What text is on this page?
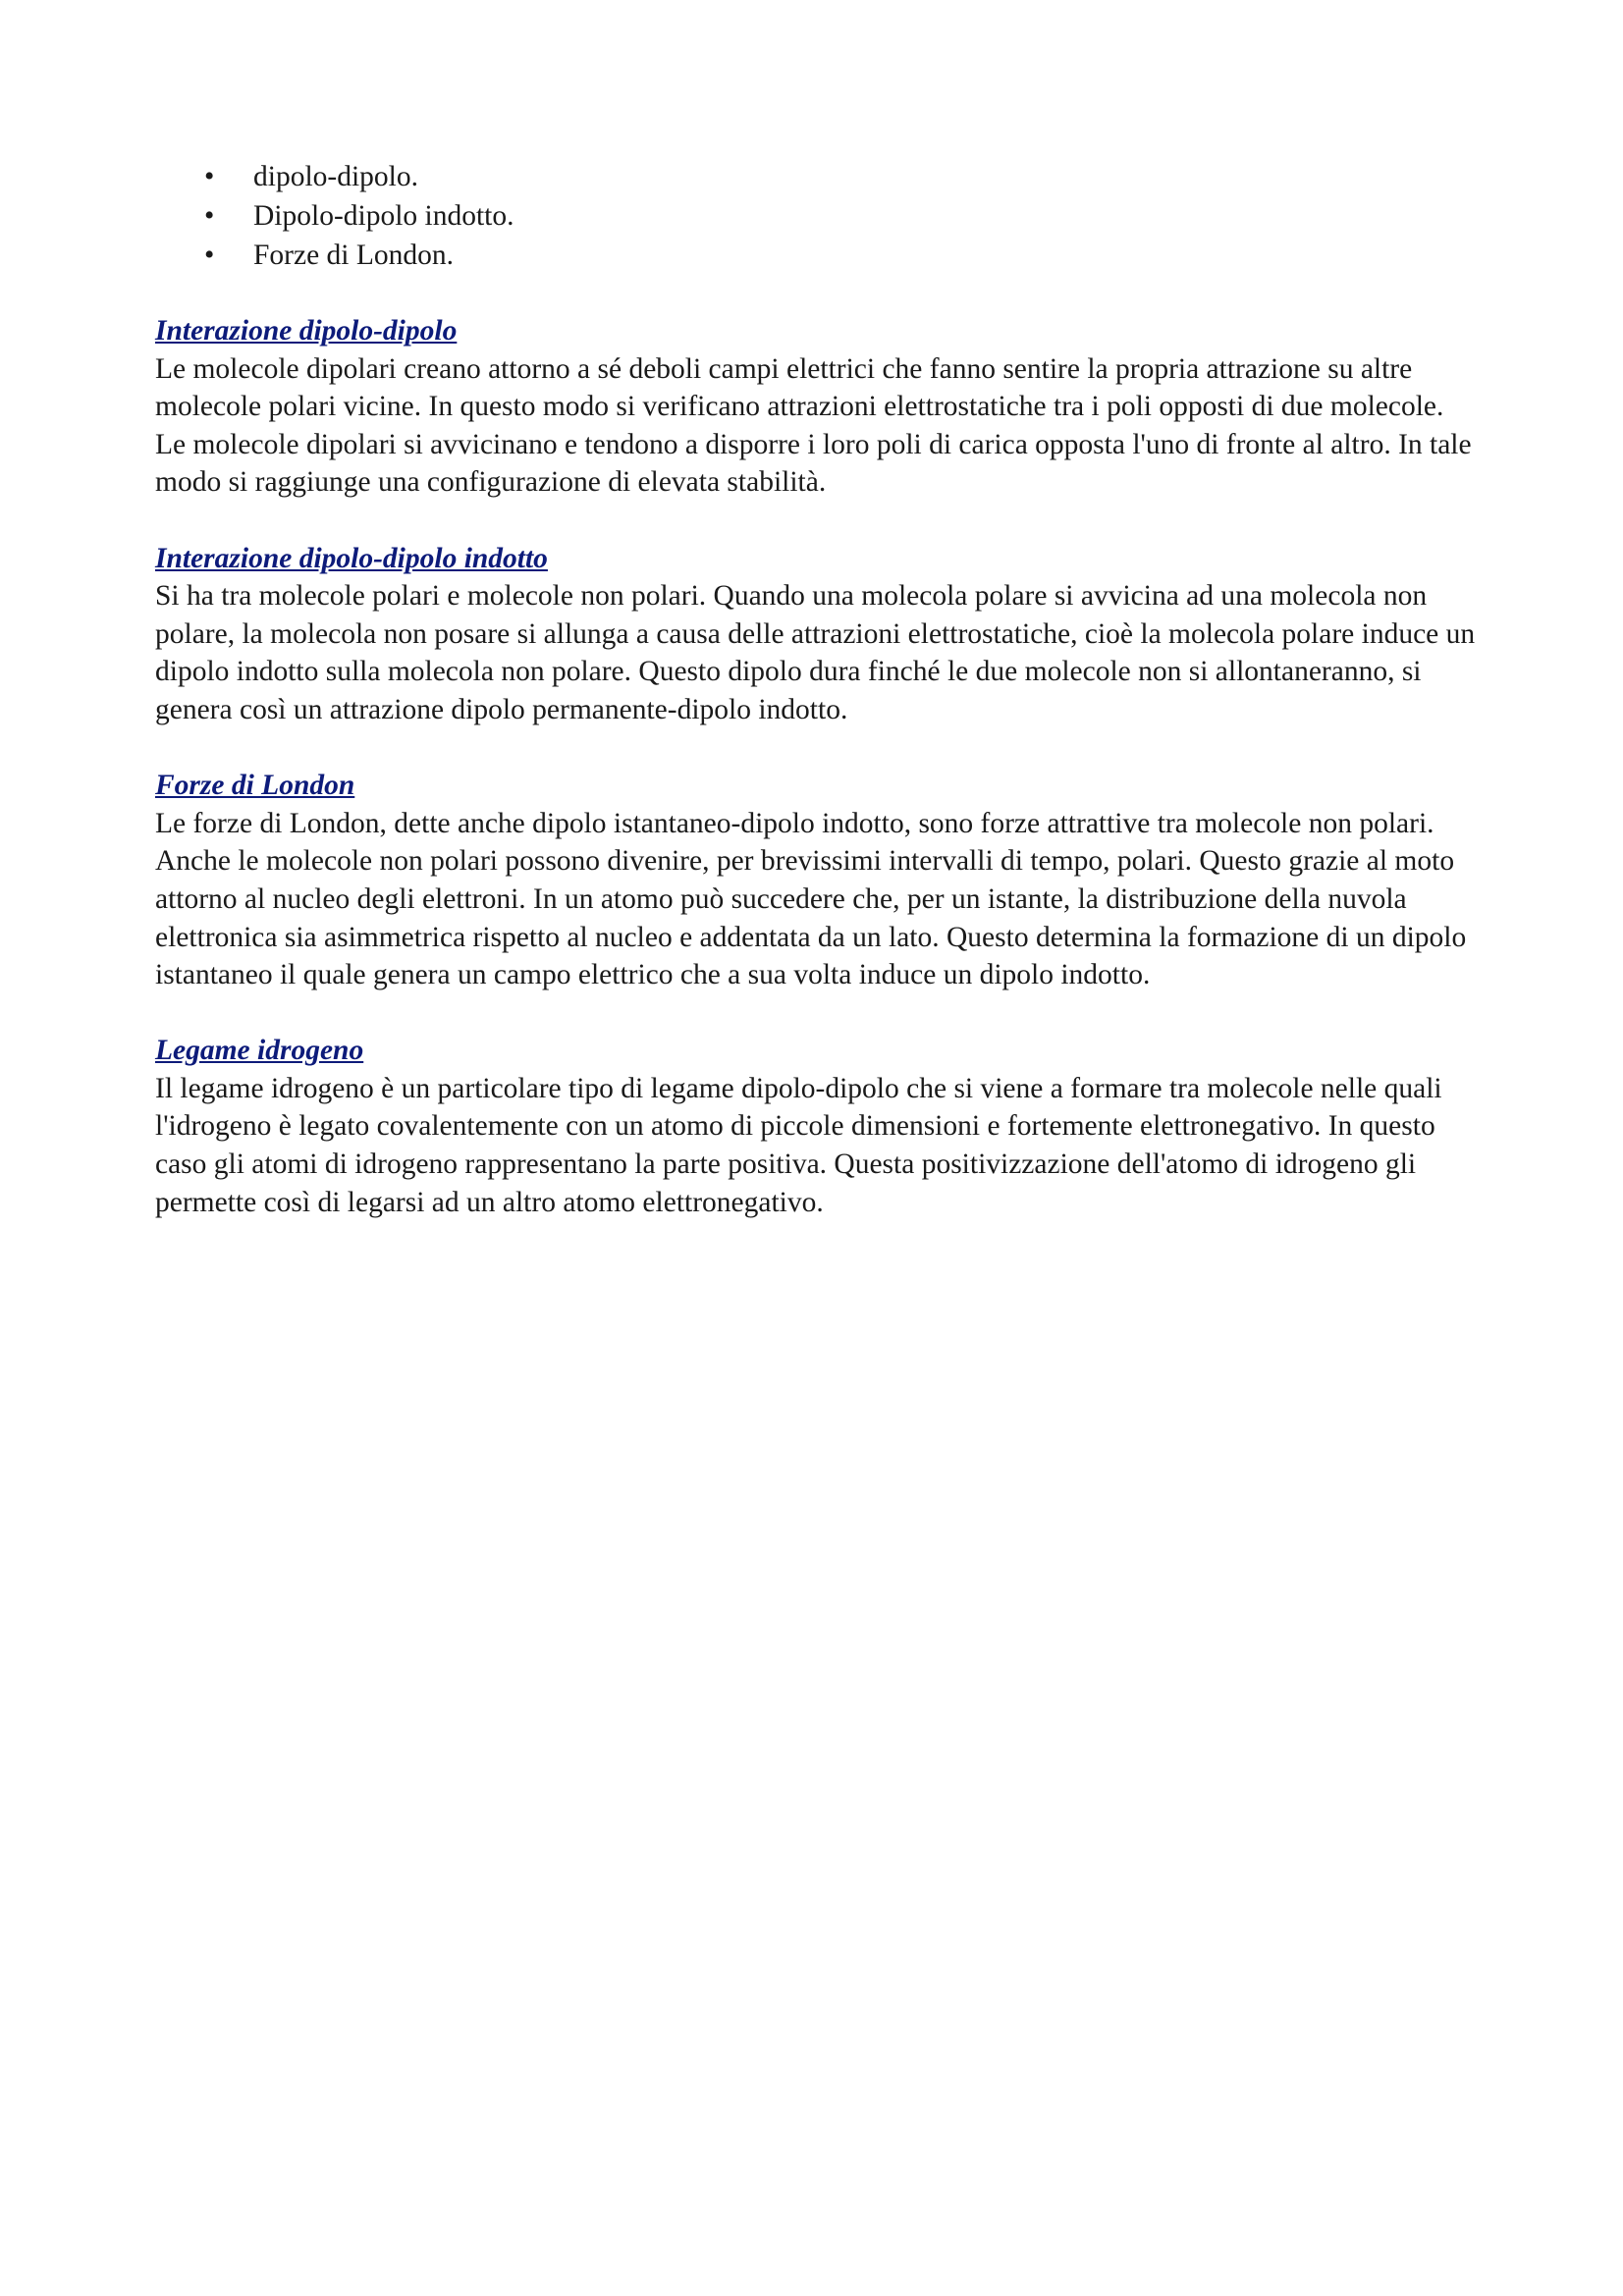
• dipolo-dipolo.
• Dipolo-dipolo indotto.
• Forze di London.
Interazione dipolo-dipolo

Le molecole dipolari creano attorno a sé deboli campi elettrici che fanno sentire la propria attrazione su altre molecole polari vicine. In questo modo si verificano attrazioni elettrostatiche tra i poli opposti di due molecole. Le molecole dipolari si avvicinano e tendono a disporre i loro poli di carica opposta l'uno di fronte al altro. In tale modo si raggiunge una configurazione di elevata stabilità.

Interazione dipolo-dipolo indotto

Si ha tra molecole polari e molecole non polari. Quando una molecola polare si avvicina ad una molecola non polare, la molecola non posare si allunga a causa delle attrazioni elettrostatiche, cioè la molecola polare induce un dipolo indotto sulla molecola non polare. Questo dipolo dura finché le due molecole non si allontaneranno, si genera così un attrazione dipolo permanente-dipolo indotto.

Forze di London

Le forze di London, dette anche dipolo istantaneo-dipolo indotto, sono forze attrattive tra molecole non polari. Anche le molecole non polari possono divenire, per brevissimi intervalli di tempo, polari. Questo grazie al moto attorno al nucleo degli elettroni. In un atomo può succedere che, per un istante, la distribuzione della nuvola elettronica sia asimmetrica rispetto al nucleo e addentata da un lato. Questo determina la formazione di un dipolo istantaneo il quale genera un campo elettrico che a sua volta induce un dipolo indotto.

Legame idrogeno

Il legame idrogeno è un particolare tipo di legame dipolo-dipolo che si viene a formare tra molecole nelle quali l'idrogeno è legato covalentemente con un atomo di piccole dimensioni e fortemente elettronegativo. In questo caso gli atomi di idrogeno rappresentano la parte positiva. Questa positivizzazione dell'atomo di idrogeno gli permette così di legarsi ad un altro atomo elettronegativo.
